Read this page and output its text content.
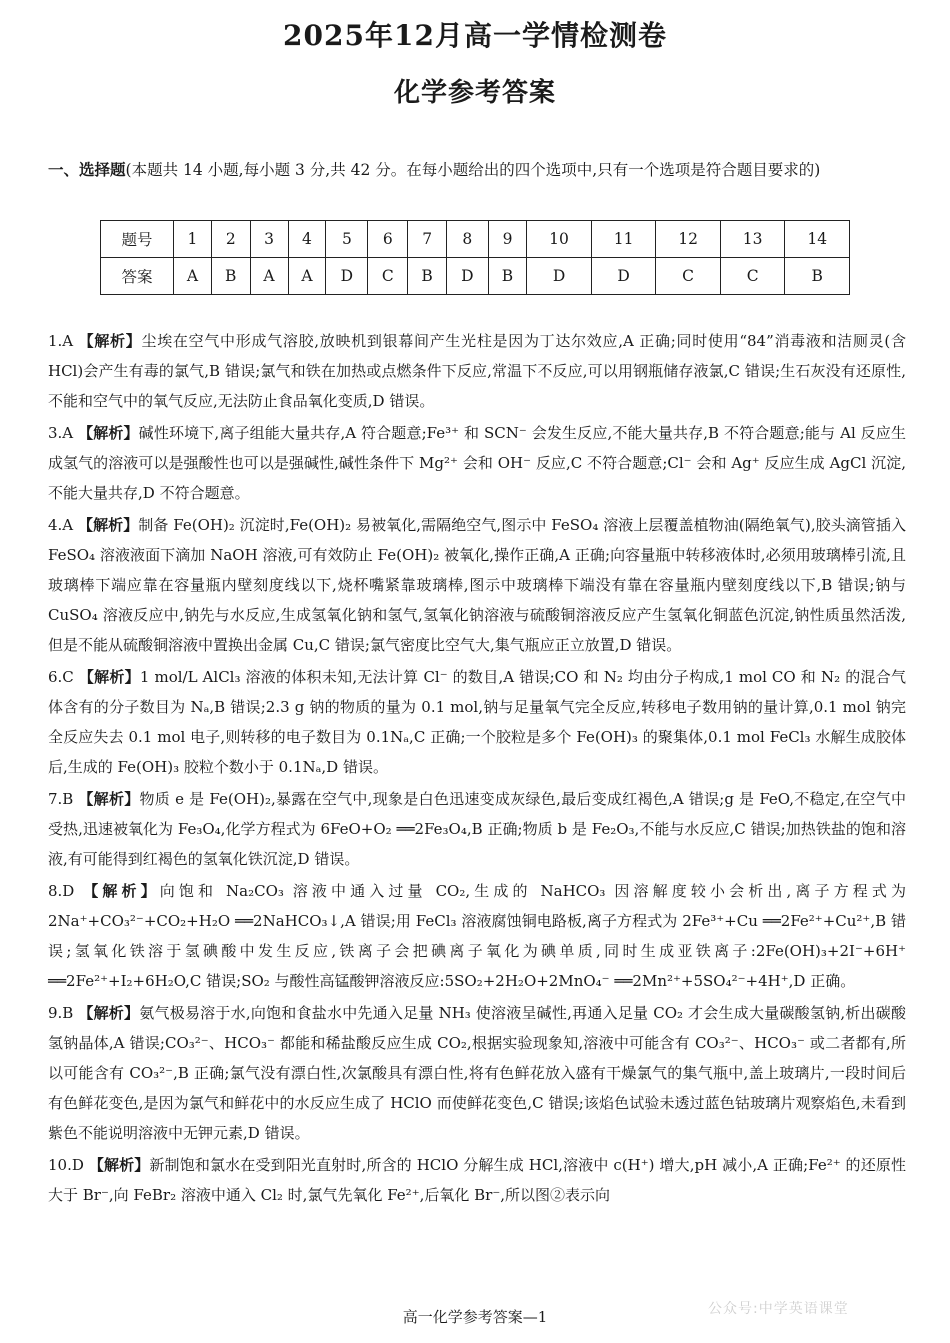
2025年12月高一学情检测卷
化学参考答案
一、选择题(本题共 14 小题,每小题 3 分,共 42 分。在每小题给出的四个选项中,只有一个选项是符合题目要求的)
题号	1	2	3	4	5	6	7	8	9	10	11	12	13	14
答案	A	B	A	A	D	C	B	D	B	D	D	C	C	B
1.A 【解析】尘埃在空气中形成气溶胶,放映机到银幕间产生光柱是因为丁达尔效应,A 正确;同时使用“84”消毒液和洁厕灵(含 HCl)会产生有毒的氯气,B 错误;氯气和铁在加热或点燃条件下反应,常温下不反应,可以用钢瓶储存液氯,C 错误;生石灰没有还原性,不能和空气中的氧气反应,无法防止食品氧化变质,D 错误。
3.A 【解析】碱性环境下,离子组能大量共存,A 符合题意;Fe³⁺ 和 SCN⁻ 会发生反应,不能大量共存,B 不符合题意;能与 Al 反应生成氢气的溶液可以是强酸性也可以是强碱性,碱性条件下 Mg²⁺ 会和 OH⁻ 反应,C 不符合题意;Cl⁻ 会和 Ag⁺ 反应生成 AgCl 沉淀,不能大量共存,D 不符合题意。
4.A 【解析】制备 Fe(OH)₂ 沉淀时,Fe(OH)₂ 易被氧化,需隔绝空气,图示中 FeSO₄ 溶液上层覆盖植物油(隔绝氧气),胶头滴管插入 FeSO₄ 溶液液面下滴加 NaOH 溶液,可有效防止 Fe(OH)₂ 被氧化,操作正确,A 正确;向容量瓶中转移液体时,必须用玻璃棒引流,且玻璃棒下端应靠在容量瓶内壁刻度线以下,烧杯嘴紧靠玻璃棒,图示中玻璃棒下端没有靠在容量瓶内壁刻度线以下,B 错误;钠与 CuSO₄ 溶液反应中,钠先与水反应,生成氢氧化钠和氢气,氢氧化钠溶液与硫酸铜溶液反应产生氢氧化铜蓝色沉淀,钠性质虽然活泼,但是不能从硫酸铜溶液中置换出金属 Cu,C 错误;氯气密度比空气大,集气瓶应正立放置,D 错误。
6.C 【解析】1 mol/L AlCl₃ 溶液的体积未知,无法计算 Cl⁻ 的数目,A 错误;CO 和 N₂ 均由分子构成,1 mol CO 和 N₂ 的混合气体含有的分子数目为 Nₐ,B 错误;2.3 g 钠的物质的量为 0.1 mol,钠与足量氧气完全反应,转移电子数用钠的量计算,0.1 mol 钠完全反应失去 0.1 mol 电子,则转移的电子数目为 0.1Nₐ,C 正确;一个胶粒是多个 Fe(OH)₃ 的聚集体,0.1 mol FeCl₃ 水解生成胶体后,生成的 Fe(OH)₃ 胶粒个数小于 0.1Nₐ,D 错误。
7.B 【解析】物质 e 是 Fe(OH)₂,暴露在空气中,现象是白色迅速变成灰绿色,最后变成红褐色,A 错误;g 是 FeO,不稳定,在空气中受热,迅速被氧化为 Fe₃O₄,化学方程式为 6FeO+O₂ ══2Fe₃O₄,B 正确;物质 b 是 Fe₂O₃,不能与水反应,C 错误;加热铁盐的饱和溶液,有可能得到红褐色的氢氧化铁沉淀,D 错误。
8.D 【解析】向饱和 Na₂CO₃ 溶液中通入过量 CO₂,生成的 NaHCO₃ 因溶解度较小会析出,离子方程式为 2Na⁺+CO₃²⁻+CO₂+H₂O ══2NaHCO₃↓,A 错误;用 FeCl₃ 溶液腐蚀铜电路板,离子方程式为 2Fe³⁺+Cu ══2Fe²⁺+Cu²⁺,B 错误;氢氧化铁溶于氢碘酸中发生反应,铁离子会把碘离子氧化为碘单质,同时生成亚铁离子:2Fe(OH)₃+2I⁻+6H⁺ ══2Fe²⁺+I₂+6H₂O,C 错误;SO₂ 与酸性高锰酸钾溶液反应:5SO₂+2H₂O+2MnO₄⁻ ══2Mn²⁺+5SO₄²⁻+4H⁺,D 正确。
9.B 【解析】氨气极易溶于水,向饱和食盐水中先通入足量 NH₃ 使溶液呈碱性,再通入足量 CO₂ 才会生成大量碳酸氢钠,析出碳酸氢钠晶体,A 错误;CO₃²⁻、HCO₃⁻ 都能和稀盐酸反应生成 CO₂,根据实验现象知,溶液中可能含有 CO₃²⁻、HCO₃⁻ 或二者都有,所以可能含有 CO₃²⁻,B 正确;氯气没有漂白性,次氯酸具有漂白性,将有色鲜花放入盛有干燥氯气的集气瓶中,盖上玻璃片,一段时间后有色鲜花变色,是因为氯气和鲜花中的水反应生成了 HClO 而使鲜花变色,C 错误;该焰色试验未透过蓝色钴玻璃片观察焰色,未看到紫色不能说明溶液中无钾元素,D 错误。
10.D 【解析】新制饱和氯水在受到阳光直射时,所含的 HClO 分解生成 HCl,溶液中 c(H⁺) 增大,pH 减小,A 正确;Fe²⁺ 的还原性大于 Br⁻,向 FeBr₂ 溶液中通入 Cl₂ 时,氯气先氧化 Fe²⁺,后氧化 Br⁻,所以图②表示向
高一化学参考答案—1	公众号:中学英语课堂
